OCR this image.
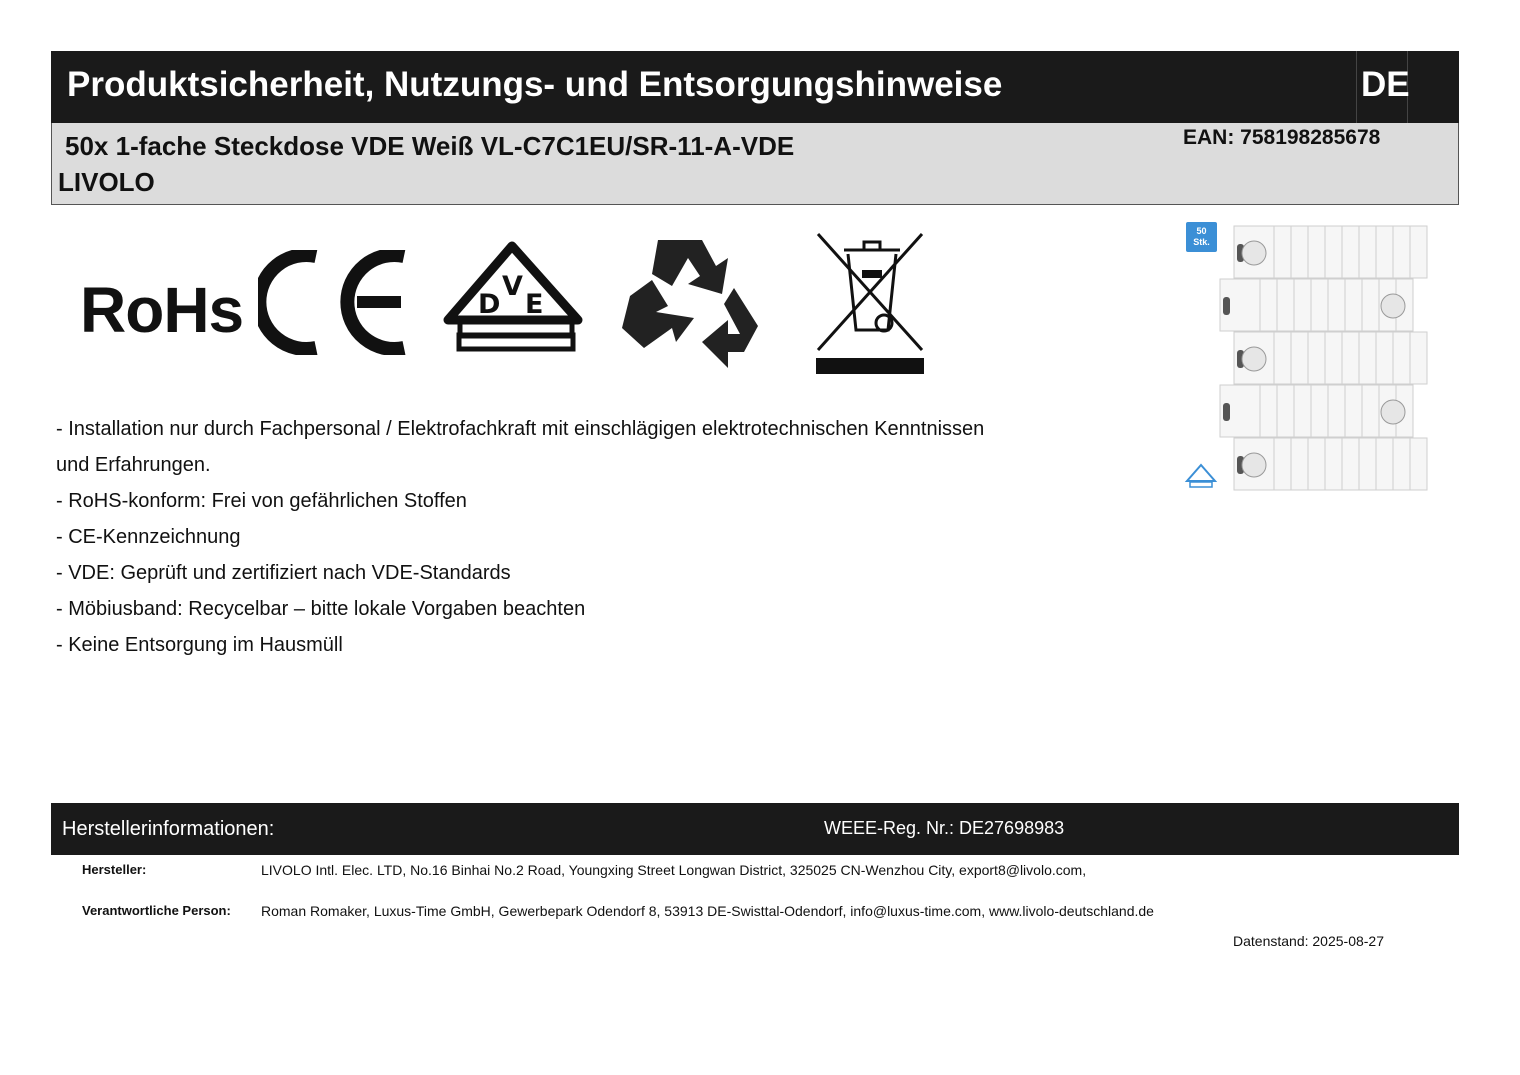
Produktsicherheit, Nutzungs- und Entsorgungshinweise	DE
50x 1-fache Steckdose VDE Weiß VL-C7C1EU/SR-11-A-VDE
LIVOLO
EAN: 758198285678
RoHs	D
V
E
- Installation nur durch Fachpersonal / Elektrofachkraft mit einschlägigen elektrotechnischen Kenntnissen
und Erfahrungen.
- RoHS-konform: Frei von gefährlichen Stoffen
- CE-Kennzeichnung
- VDE: Geprüft und zertifiziert nach VDE-Standards
- Möbiusband: Recycelbar – bitte lokale Vorgaben beachten
- Keine Entsorgung im Hausmüll
50
Stk.
Herstellerinformationen:	WEEE-Reg. Nr.: DE27698983
Hersteller:	LIVOLO Intl. Elec. LTD, No.16 Binhai No.2 Road, Youngxing Street Longwan District, 325025 CN-Wenzhou City, export8@livolo.com,
Verantwortliche Person: Roman Romaker, Luxus-Time GmbH, Gewerbepark Odendorf 8, 53913 DE-Swisttal-Odendorf, info@luxus-time.com, www.livolo-deutschland.de
Datenstand: 2025-08-27
